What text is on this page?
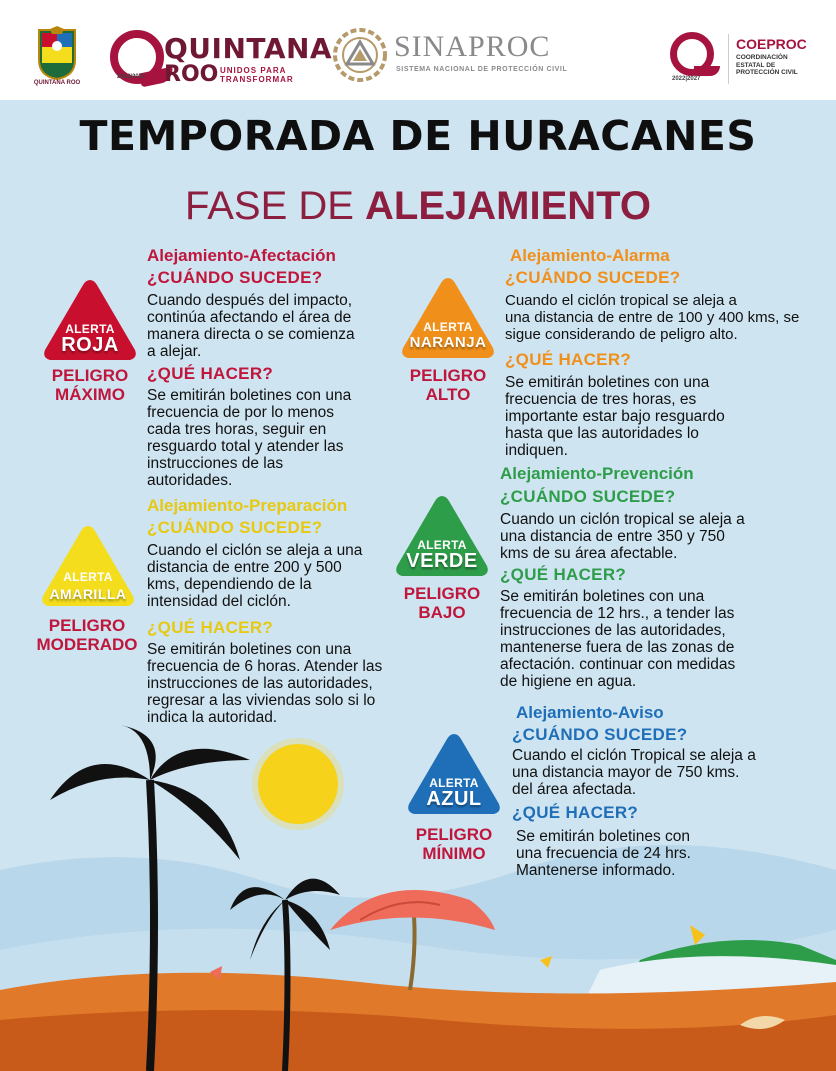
QUINTANA ROO
2022|2027
QUINTANA
ROO UNIDOS PARA
TRANSFORMAR
SINAPROC
SISTEMA NACIONAL DE PROTECCIÓN CIVIL
2022|2027
COEPROC
COORDINACIÓN
ESTATAL DE
PROTECCIÓN CIVIL
TEMPORADA DE HURACANES
FASE DE ALEJAMIENTO
ALERTA
ROJA
PELIGRO
MÁXIMO
Alejamiento-Afectación
¿CUÁNDO SUCEDE?
Cuando después del impacto,
continúa afectando el área de
manera directa o se comienza
a alejar.
¿QUÉ HACER?
Se emitirán boletines con una
frecuencia de por lo menos
cada tres horas, seguir en
resguardo total y atender las
instrucciones de las
autoridades.
ALERTA
NARANJA
PELIGRO
ALTO
Alejamiento-Alarma
¿CUÁNDO SUCEDE?
Cuando el ciclón tropical se aleja a
una distancia de entre de 100 y 400 kms, se
sigue considerando de peligro alto.
¿QUÉ HACER?
Se emitirán boletines con una
frecuencia de tres horas, es
importante estar bajo resguardo
hasta que las autoridades lo
indiquen.
ALERTA
AMARILLA
PELIGRO
MODERADO
Alejamiento-Preparación
¿CUÁNDO SUCEDE?
Cuando el ciclón se aleja a una
distancia de entre 200 y 500
kms, dependiendo de la
intensidad del ciclón.
¿QUÉ HACER?
Se emitirán boletines con una
frecuencia de 6 horas. Atender las
instrucciones de las autoridades,
regresar a las viviendas solo si lo
indica la autoridad.
ALERTA
VERDE
PELIGRO
BAJO
Alejamiento-Prevención
¿CUÁNDO SUCEDE?
Cuando un ciclón tropical se aleja a
una distancia de entre 350 y 750
kms de su área afectable.
¿QUÉ HACER?
Se emitirán boletines con una
frecuencia de 12 hrs., a tender las
instrucciones de las autoridades,
mantenerse fuera de las zonas de
afectación. continuar con medidas
de higiene en agua.
ALERTA
AZUL
PELIGRO
MÍNIMO
Alejamiento-Aviso
¿CUÁNDO SUCEDE?
Cuando el ciclón Tropical se aleja a
una distancia mayor de 750 kms.
del área afectada.
¿QUÉ HACER?
Se emitirán boletines con
una frecuencia de 24 hrs.
Mantenerse informado.
